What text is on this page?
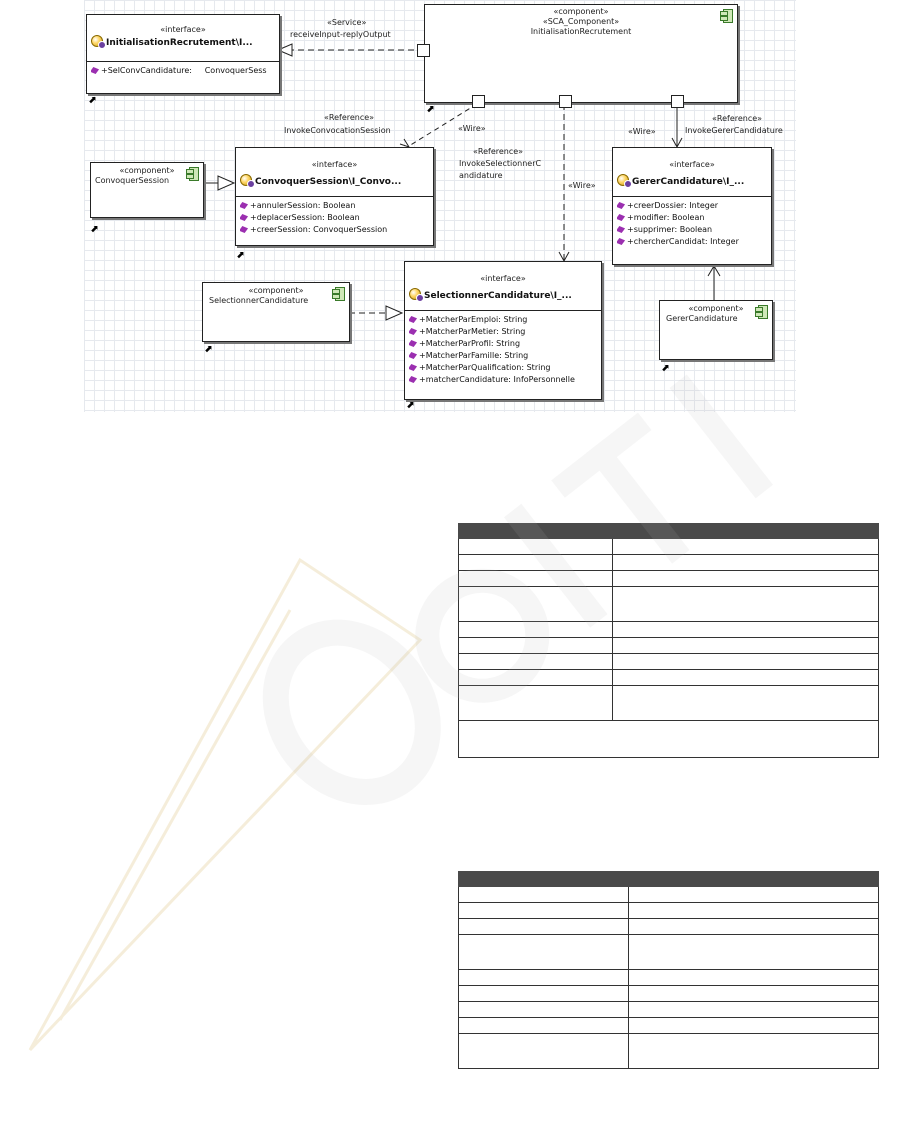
«component»
«SCA_Component»
InitialisationRecrutement
⬈
«interface»
InitialisationRecrutement\I...
+SelConvCandidature: ConvoquerSess
⬈
«Service»
receiveInput-replyOutput
«Reference»
InvokeConvocationSession	«Wire»
«Reference»
InvokeSelectionnerC
andidature
«Wire»
«Wire»
«Reference»
InvokeGererCandidature
«component»
ConvoquerSession
⬈
«interface»
ConvoquerSession\I_Convo...
+annulerSession: Boolean
+deplacerSession: Boolean
+creerSession: ConvoquerSession
⬈
«interface»
GererCandidature\I_...
+creerDossier: Integer
+modifier: Boolean
+supprimer: Boolean
+chercherCandidat: Integer
«component»
GererCandidature
⬈
«component»
SelectionnerCandidature
⬈
«interface»
SelectionnerCandidature\I_...
+MatcherParEmploi: String
+MatcherParMetier: String
+MatcherParProfil: String
+MatcherParFamille: String
+MatcherParQualification: String
+matcherCandidature: InfoPersonnelle
⬈
